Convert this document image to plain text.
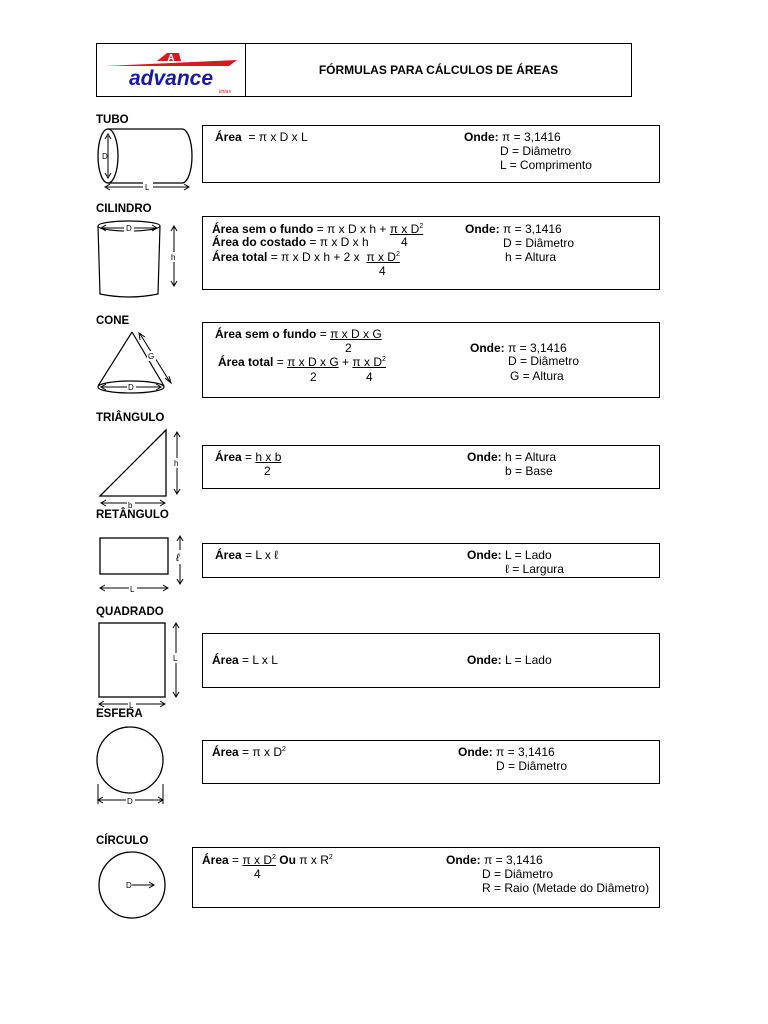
A
advance
tintas
FÓRMULAS PARA CÁLCULOS DE ÁREAS
TUBO
D
L
Área = π x D x L	Onde: π = 3,1416
D = Diâmetro
L = Comprimento
CILINDRO
D
h
Área sem o fundo = π x D x h + π x $D^2$
Área do costado = π x D x h	4
Área total = π x D x h + 2 x π x $D^2$
4
Onde: π = 3,1416
D = Diâmetro
h = Altura
CONE
D
G
Área sem o fundo = π x D x G
2
Área total = π x D x G + π x $D^2$
2	4
Onde: π = 3,1416
D = Diâmetro
G = Altura
TRIÂNGULO
h
b
Área = h x b
2
Onde: h = Altura
b = Base
RETÂNGULO
ℓ
L
Área = L x ℓ	Onde: L = Lado
ℓ = Largura
QUADRADO
L
L
Área = L x L	Onde: L = Lado
ESFERA
D
Área = π x $D^2$	Onde: π = 3,1416
D = Diâmetro
CÍRCULO
D
Área = π x $D^2$ Ou π x $R^2$
4
Onde: π = 3,1416
D = Diâmetro
R = Raio (Metade do Diâmetro)
